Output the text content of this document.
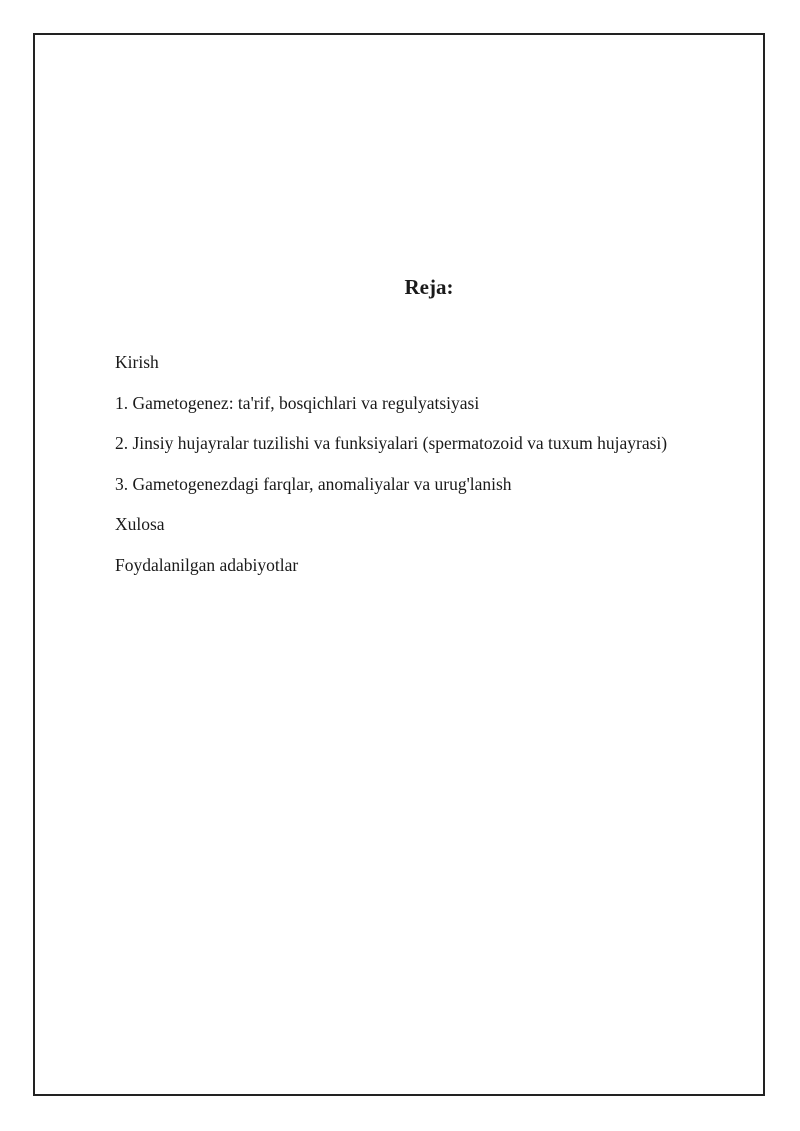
Reja:
Kirish
1. Gametogenez: ta'rif, bosqichlari va regulyatsiyasi
2. Jinsiy hujayralar tuzilishi va funksiyalari (spermatozoid va tuxum hujayrasi)
3. Gametogenezdagi farqlar, anomaliyalar va urug'lanish
Xulosa
Foydalanilgan adabiyotlar
